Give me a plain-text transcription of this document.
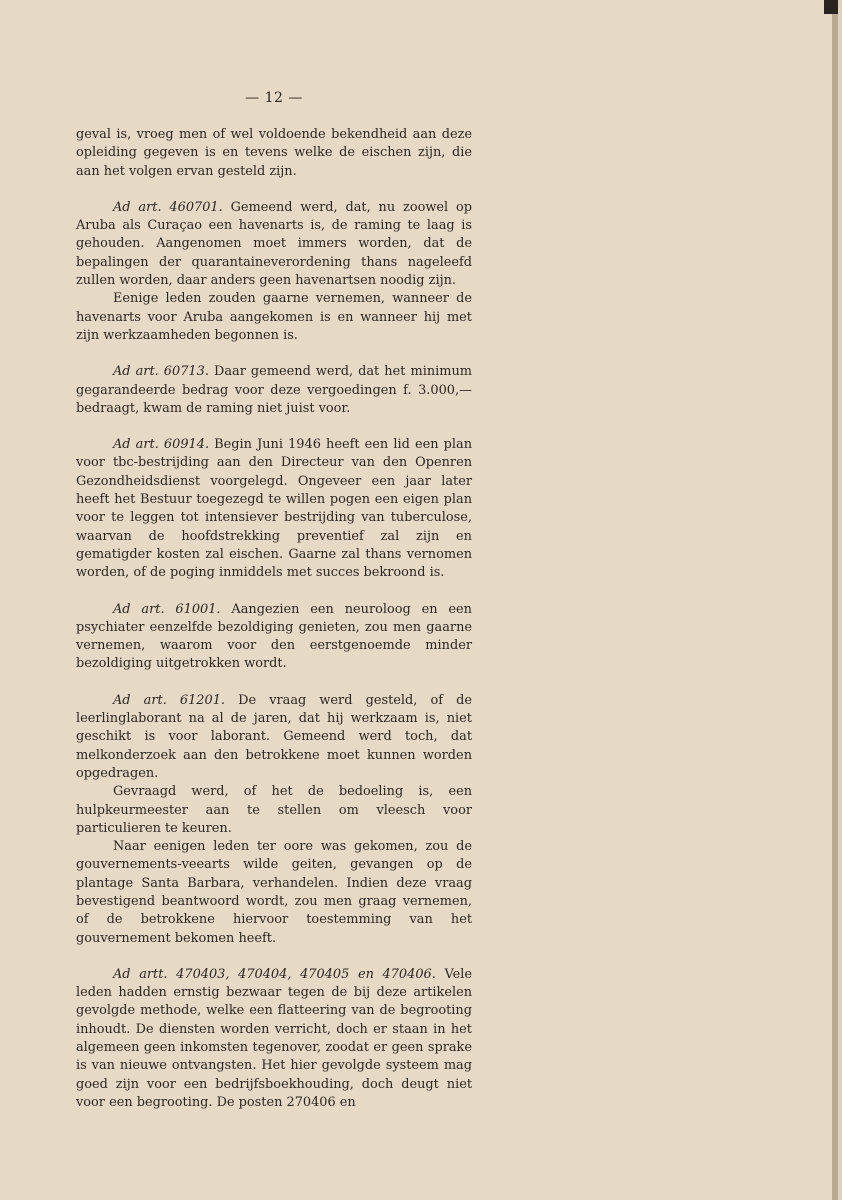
— 12 —

geval is, vroeg men of wel voldoende bekendheid aan deze opleiding gegeven is en tevens welke de eischen zijn, die aan het volgen ervan gesteld zijn.

Ad art. 460701. Gemeend werd, dat, nu zoowel op Aruba als Curaçao een havenarts is, de raming te laag is gehouden. Aangenomen moet immers worden, dat de bepalingen der quarantaineverordening thans nageleefd zullen worden, daar anders geen havenartsen noodig zijn.

Eenige leden zouden gaarne vernemen, wanneer de havenarts voor Aruba aangekomen is en wanneer hij met zijn werkzaamheden begonnen is.

Ad art. 60713. Daar gemeend werd, dat het minimum gegarandeerde bedrag voor deze vergoedingen f. 3.000,— bedraagt, kwam de raming niet juist voor.

Ad art. 60914. Begin Juni 1946 heeft een lid een plan voor tbc-bestrijding aan den Directeur van den Openren Gezondheidsdienst voorgelegd. Ongeveer een jaar later heeft het Bestuur toegezegd te willen pogen een eigen plan voor te leggen tot intensiever bestrijding van tuberculose, waarvan de hoofdstrekking preventief zal zijn en gematigder kosten zal eischen. Gaarne zal thans vernomen worden, of de poging inmiddels met succes bekroond is.

Ad art. 61001. Aangezien een neuroloog en een psychiater eenzelfde bezoldiging genieten, zou men gaarne vernemen, waarom voor den eerstgenoemde minder bezoldiging uitgetrokken wordt.

Ad art. 61201. De vraag werd gesteld, of de leerlinglaborant na al de jaren, dat hij werkzaam is, niet geschikt is voor laborant. Gemeend werd toch, dat melkonderzoek aan den betrokkene moet kunnen worden opgedragen.

Gevraagd werd, of het de bedoeling is, een hulpkeurmeester aan te stellen om vleesch voor particulieren te keuren.

Naar eenigen leden ter oore was gekomen, zou de gouvernements-veearts wilde geiten, gevangen op de plantage Santa Barbara, verhandelen. Indien deze vraag bevestigend beantwoord wordt, zou men graag vernemen, of de betrokkene hiervoor toestemming van het gouvernement bekomen heeft.

Ad artt. 470403, 470404, 470405 en 470406. Vele leden hadden ernstig bezwaar tegen de bij deze artikelen gevolgde methode, welke een flatteering van de begrooting inhoudt. De diensten worden verricht, doch er staan in het algemeen geen inkomsten tegenover, zoodat er geen sprake is van nieuwe ontvangsten. Het hier gevolgde systeem mag goed zijn voor een bedrijfsboekhouding, doch deugt niet voor een begrooting. De posten 270406 en
